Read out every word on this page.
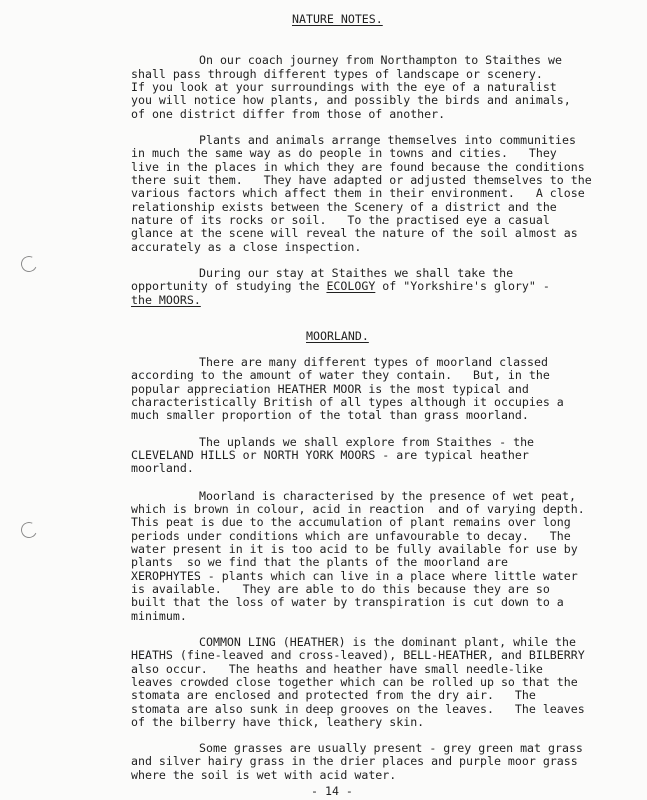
NATURE NOTES.
On our coach journey from Northampton to Staithes we
shall pass through different types of landscape or scenery.
If you look at your surroundings with the eye of a naturalist
you will notice how plants, and possibly the birds and animals,
of one district differ from those of another.
Plants and animals arrange themselves into communities
in much the same way as do people in towns and cities.   They
live in the places in which they are found because the conditions
there suit them.   They have adapted or adjusted themselves to the
various factors which affect them in their environment.   A close
relationship exists between the Scenery of a district and the
nature of its rocks or soil.   To the practised eye a casual
glance at the scene will reveal the nature of the soil almost as
accurately as a close inspection.
During our stay at Staithes we shall take the
opportunity of studying the ECOLOGY of "Yorkshire's glory" -
the MOORS.
MOORLAND.
There are many different types of moorland classed
according to the amount of water they contain.   But, in the
popular appreciation HEATHER MOOR is the most typical and
characteristically British of all types although it occupies a
much smaller proportion of the total than grass moorland.
The uplands we shall explore from Staithes - the
CLEVELAND HILLS or NORTH YORK MOORS - are typical heather
moorland.
Moorland is characterised by the presence of wet peat,
which is brown in colour, acid in reaction  and of varying depth.
This peat is due to the accumulation of plant remains over long
periods under conditions which are unfavourable to decay.   The
water present in it is too acid to be fully available for use by
plants  so we find that the plants of the moorland are
XEROPHYTES - plants which can live in a place where little water
is available.   They are able to do this because they are so
built that the loss of water by transpiration is cut down to a
minimum.
COMMON LING (HEATHER) is the dominant plant, while the
HEATHS (fine-leaved and cross-leaved), BELL-HEATHER, and BILBERRY
also occur.   The heaths and heather have small needle-like
leaves crowded close together which can be rolled up so that the
stomata are enclosed and protected from the dry air.   The
stomata are also sunk in deep grooves on the leaves.   The leaves
of the bilberry have thick, leathery skin.
Some grasses are usually present - grey green mat grass
and silver hairy grass in the drier places and purple moor grass
where the soil is wet with acid water.
- 14 -
